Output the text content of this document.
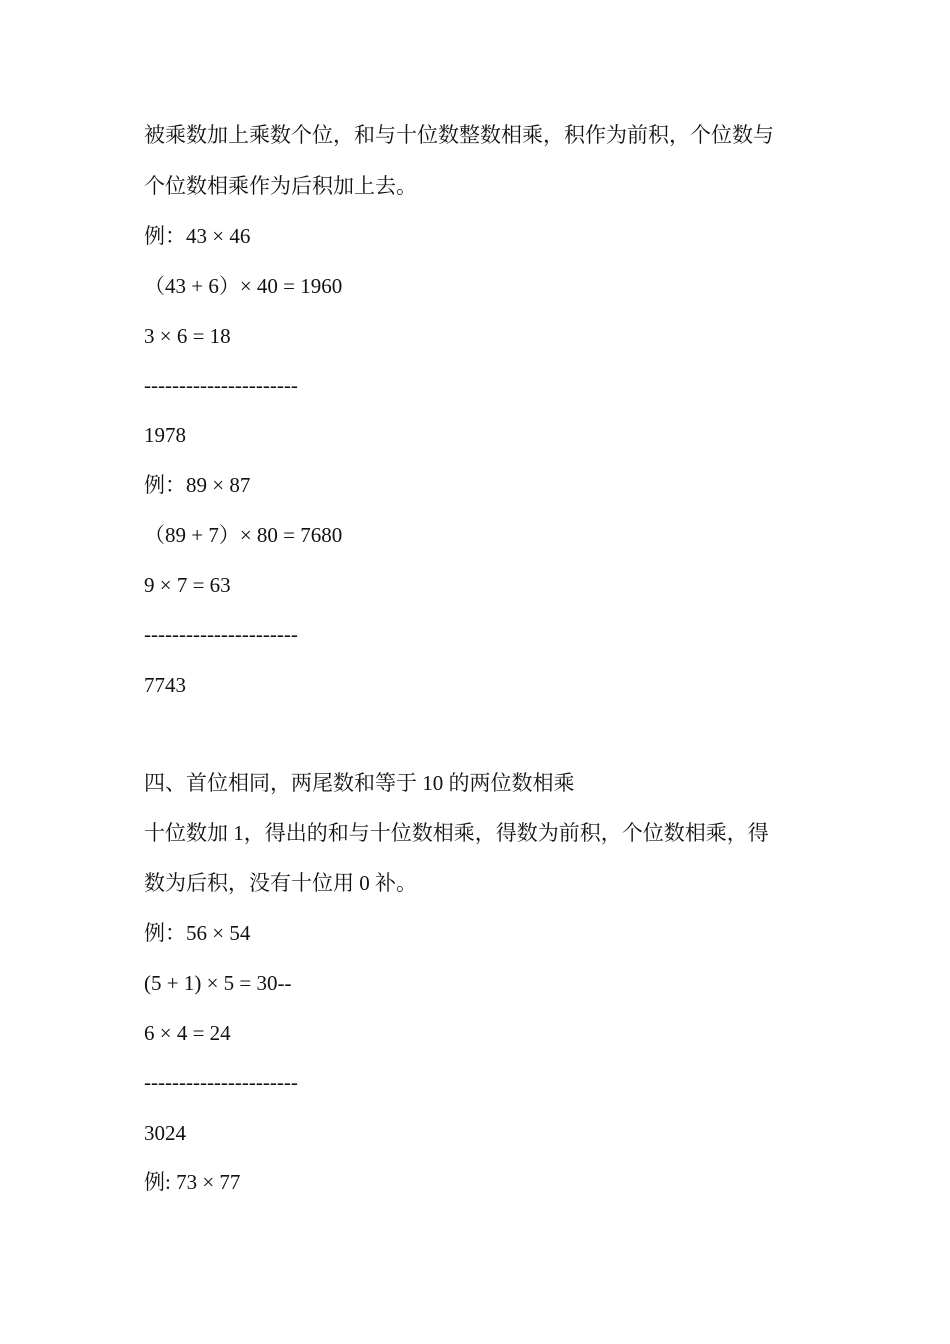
被乘数加上乘数个位，和与十位数整数相乘，积作为前积，个位数与
个位数相乘作为后积加上去。
例：43 × 46
（43 + 6）× 40 = 1960
3 × 6 = 18
----------------------
1978
例：89 × 87
（89 + 7）× 80 = 7680
9 × 7 = 63
----------------------
7743
四、首位相同，两尾数和等于 10 的两位数相乘
十位数加 1，得出的和与十位数相乘，得数为前积，个位数相乘，得
数为后积，没有十位用 0 补。
例：56 × 54
(5 + 1) × 5 = 30--
6 × 4 = 24
----------------------
3024
例: 73 × 77
